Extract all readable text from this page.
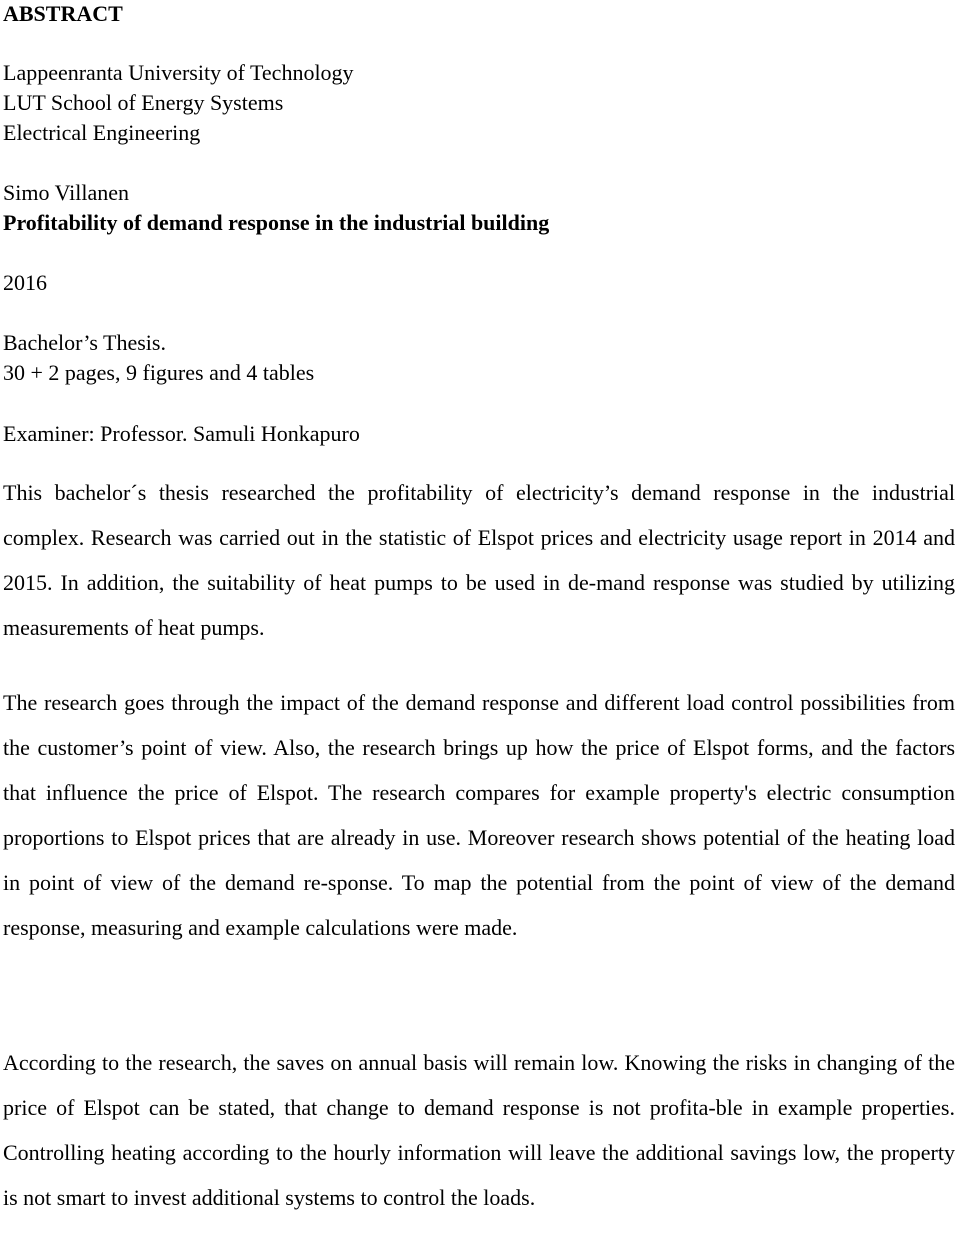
ABSTRACT
Lappeenranta University of Technology
LUT School of Energy Systems
Electrical Engineering
Simo Villanen
Profitability of demand response in the industrial building
2016
Bachelor’s Thesis.
30 + 2 pages, 9 figures and 4 tables
Examiner: Professor. Samuli Honkapuro

This bachelor´s thesis researched the profitability of electricity’s demand response in the industrial complex. Research was carried out in the statistic of Elspot prices and electricity usage report in 2014 and 2015. In addition, the suitability of heat pumps to be used in de-mand response was studied by utilizing measurements of heat pumps.

The research goes through the impact of the demand response and different load control possibilities from the customer’s point of view. Also, the research brings up how the price of Elspot forms, and the factors that influence the price of Elspot. The research compares for example property's electric consumption proportions to Elspot prices that are already in use. Moreover research shows potential of the heating load in point of view of the demand re-sponse. To map the potential from the point of view of the demand response, measuring and example calculations were made.

According to the research, the saves on annual basis will remain low. Knowing the risks in changing of the price of Elspot can be stated, that change to demand response is not profita-ble in example properties. Controlling heating according to the hourly information will leave the additional savings low, the property is not smart to invest additional systems to control the loads.
